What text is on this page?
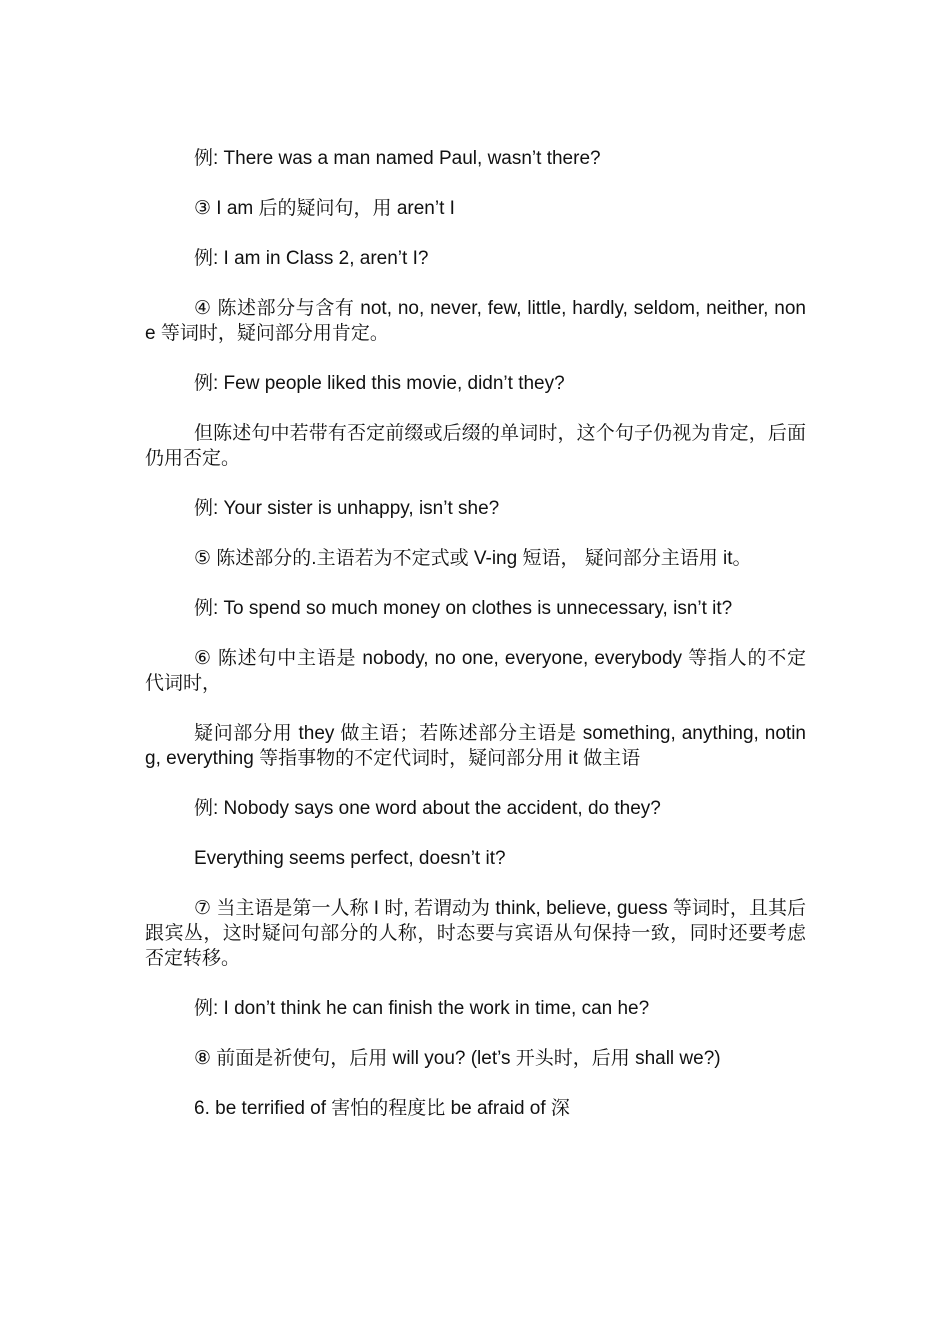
例: There was a man named Paul, wasn’t there?

③ I am 后的疑问句，用 aren’t I

例: I am in Class 2, aren’t I?

④ 陈述部分与含有 not, no, never, few, little, hardly, seldom, neither, none 等词时，疑问部分用肯定。

例: Few people liked this movie, didn’t they?

但陈述句中若带有否定前缀或后缀的单词时，这个句子仍视为肯定，后面仍用否定。

例: Your sister is unhappy, isn’t she?

⑤ 陈述部分的.主语若为不定式或 V-ing 短语， 疑问部分主语用 it。

例: To spend so much money on clothes is unnecessary, isn’t it?

⑥ 陈述句中主语是 nobody, no one, everyone, everybody 等指人的不定代词时，

疑问部分用 they 做主语；若陈述部分主语是 something, anything, noting, everything 等指事物的不定代词时，疑问部分用 it 做主语

例: Nobody says one word about the accident, do they?

Everything seems perfect, doesn’t it?

⑦ 当主语是第一人称 I 时, 若谓动为 think, believe, guess 等词时，且其后跟宾丛，这时疑问句部分的人称，时态要与宾语从句保持一致，同时还要考虑否定转移。

例: I don’t think he can finish the work in time, can he?

⑧ 前面是祈使句，后用 will you? (let’s 开头时，后用 shall we?)

6. be terrified of 害怕的程度比 be afraid of 深
